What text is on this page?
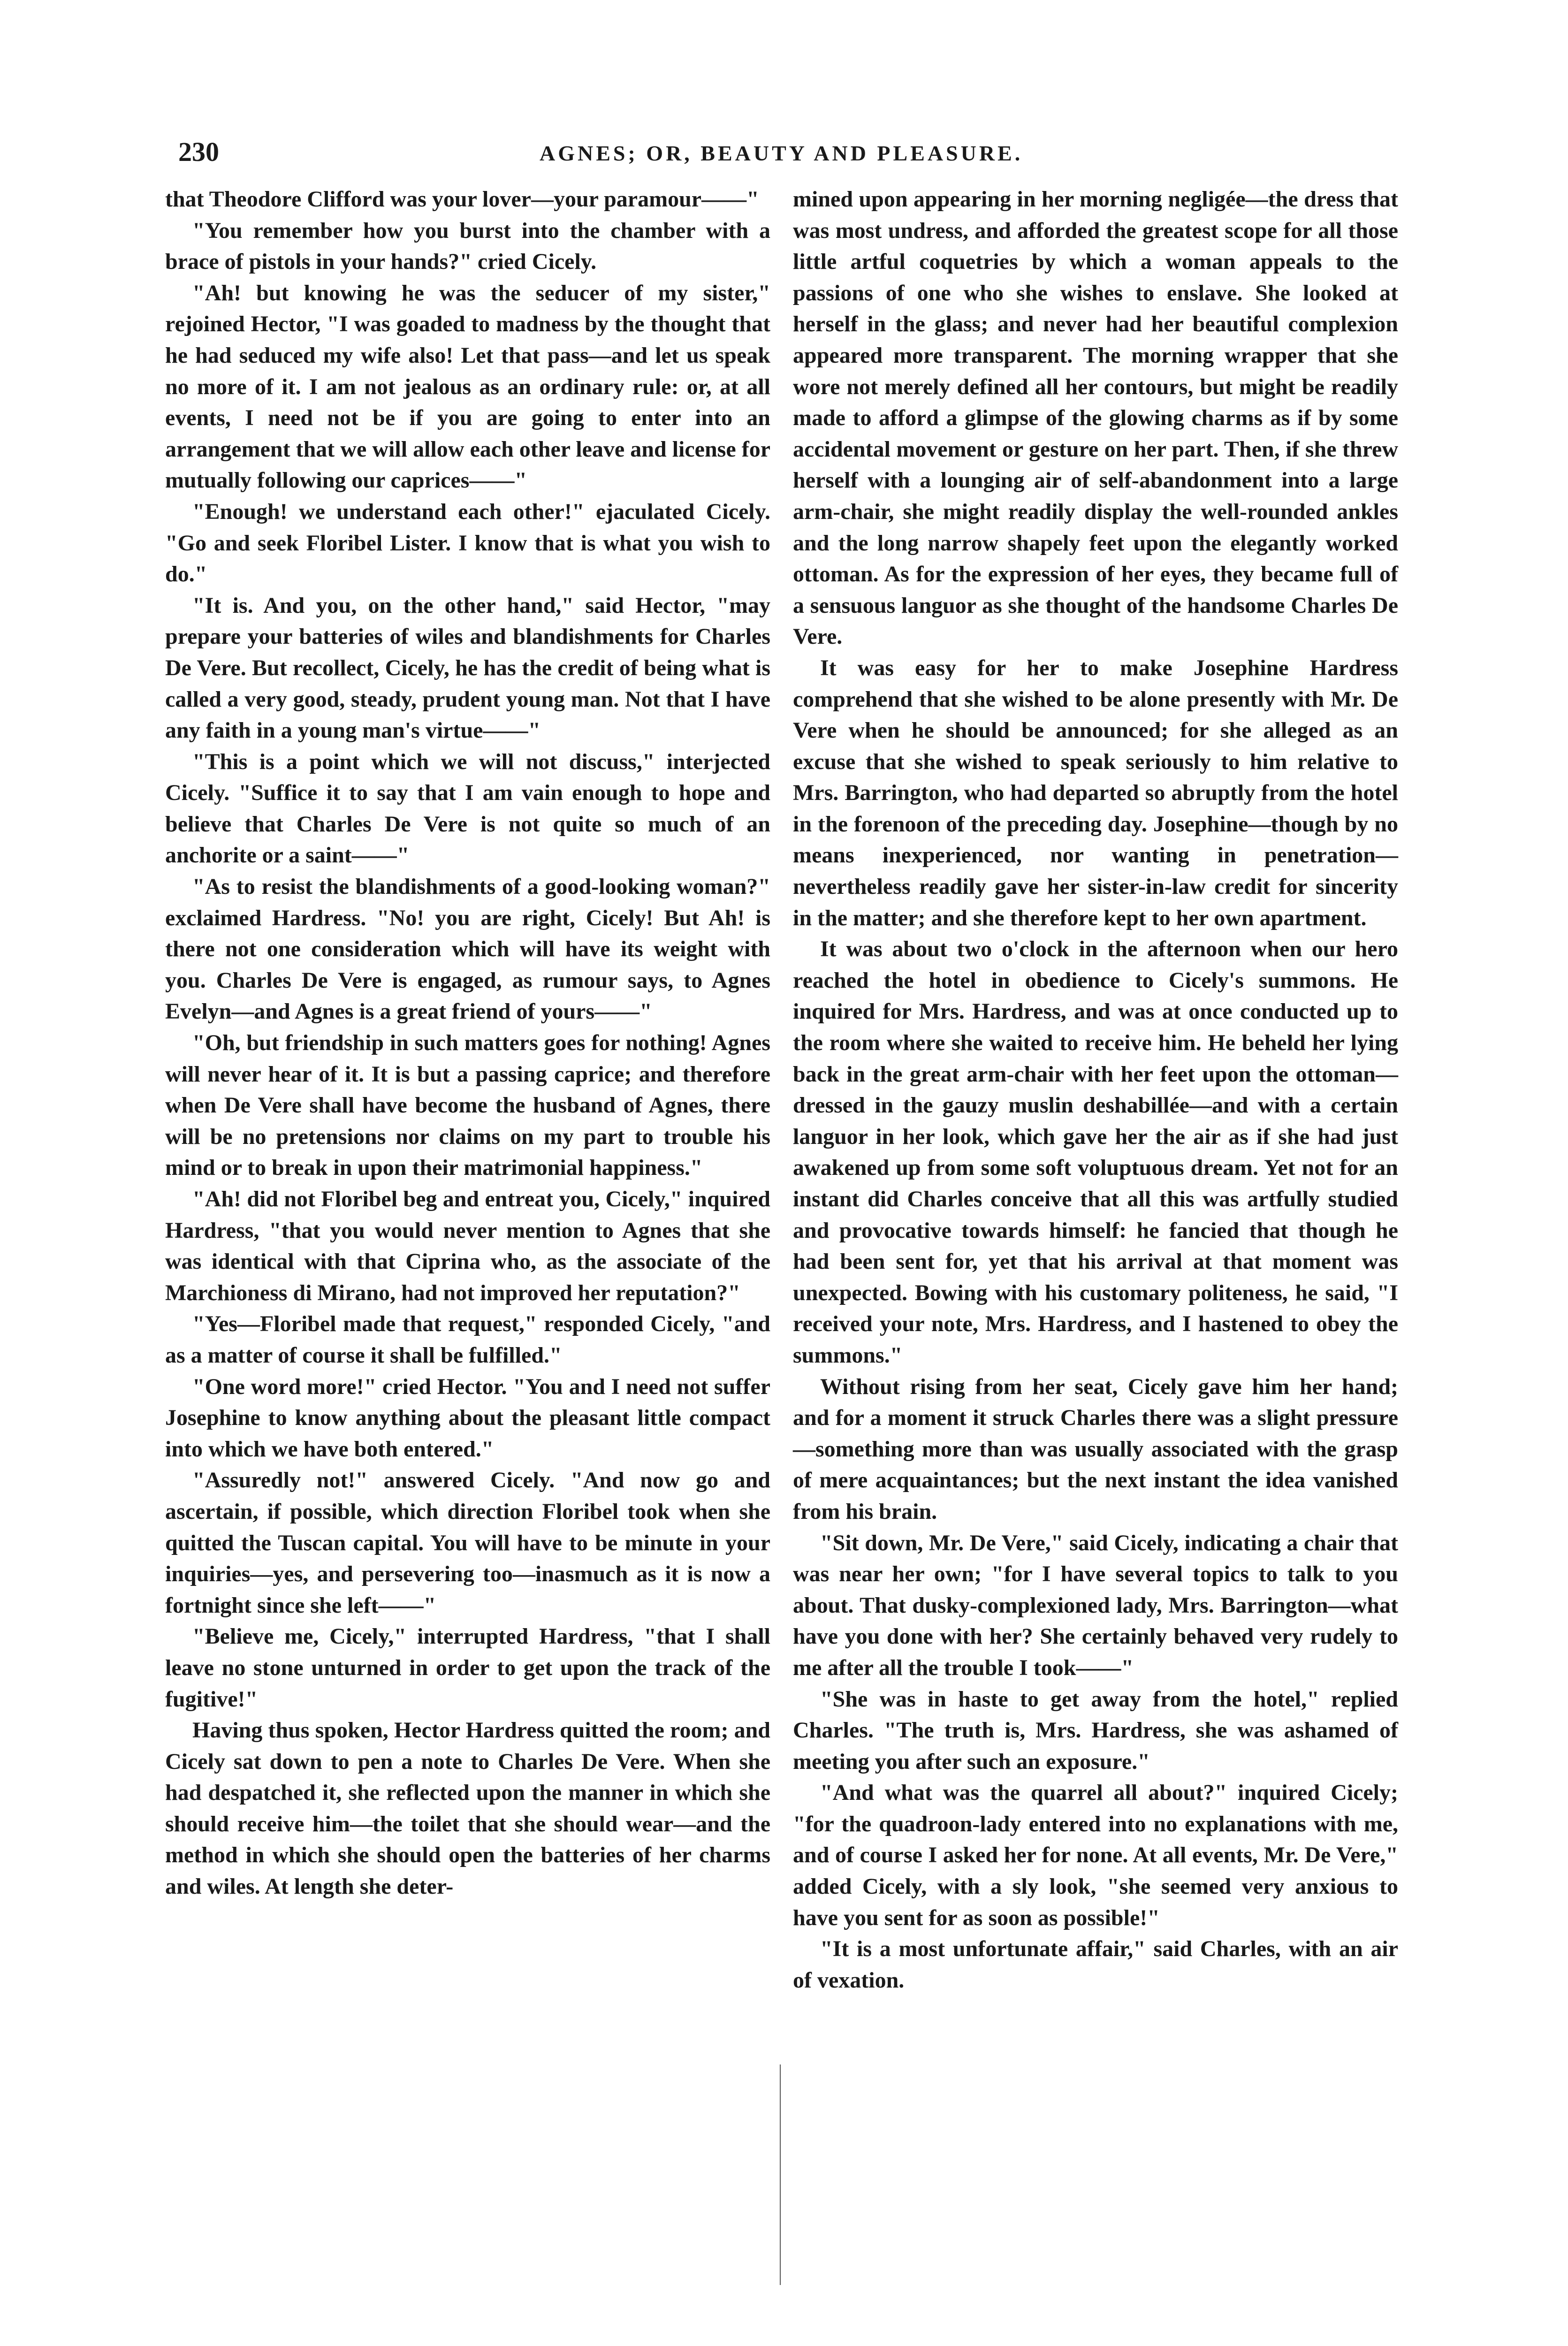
230	AGNES; OR, BEAUTY AND PLEASURE.

that Theodore Clifford was your lover—your paramour——"

"You remember how you burst into the chamber with a brace of pistols in your hands?" cried Cicely.

"Ah! but knowing he was the seducer of my sister," rejoined Hector, "I was goaded to madness by the thought that he had seduced my wife also! Let that pass—and let us speak no more of it. I am not jealous as an ordinary rule: or, at all events, I need not be if you are going to enter into an arrangement that we will allow each other leave and license for mutually following our caprices——"

"Enough! we understand each other!" ejaculated Cicely. "Go and seek Floribel Lister. I know that is what you wish to do."

"It is. And you, on the other hand," said Hector, "may prepare your batteries of wiles and blandishments for Charles De Vere. But recollect, Cicely, he has the credit of being what is called a very good, steady, prudent young man. Not that I have any faith in a young man's virtue——"

"This is a point which we will not discuss," interjected Cicely. "Suffice it to say that I am vain enough to hope and believe that Charles De Vere is not quite so much of an anchorite or a saint——"

"As to resist the blandishments of a good-looking woman?" exclaimed Hardress. "No! you are right, Cicely! But Ah! is there not one consideration which will have its weight with you. Charles De Vere is engaged, as rumour says, to Agnes Evelyn—and Agnes is a great friend of yours——"

"Oh, but friendship in such matters goes for nothing! Agnes will never hear of it. It is but a passing caprice; and therefore when De Vere shall have become the husband of Agnes, there will be no pretensions nor claims on my part to trouble his mind or to break in upon their matrimonial happiness."

"Ah! did not Floribel beg and entreat you, Cicely," inquired Hardress, "that you would never mention to Agnes that she was identical with that Ciprina who, as the associate of the Marchioness di Mirano, had not improved her reputation?"

"Yes—Floribel made that request," responded Cicely, "and as a matter of course it shall be fulfilled."

"One word more!" cried Hector. "You and I need not suffer Josephine to know anything about the pleasant little compact into which we have both entered."

"Assuredly not!" answered Cicely. "And now go and ascertain, if possible, which direction Floribel took when she quitted the Tuscan capital. You will have to be minute in your inquiries—yes, and persevering too—inasmuch as it is now a fortnight since she left——"

"Believe me, Cicely," interrupted Hardress, "that I shall leave no stone unturned in order to get upon the track of the fugitive!"

Having thus spoken, Hector Hardress quitted the room; and Cicely sat down to pen a note to Charles De Vere. When she had despatched it, she reflected upon the manner in which she should receive him—the toilet that she should wear—and the method in which she should open the batteries of her charms and wiles. At length she deter-

mined upon appearing in her morning negligée—the dress that was most undress, and afforded the greatest scope for all those little artful coquetries by which a woman appeals to the passions of one who she wishes to enslave. She looked at herself in the glass; and never had her beautiful complexion appeared more transparent. The morning wrapper that she wore not merely defined all her contours, but might be readily made to afford a glimpse of the glowing charms as if by some accidental movement or gesture on her part. Then, if she threw herself with a lounging air of self-abandonment into a large arm-chair, she might readily display the well-rounded ankles and the long narrow shapely feet upon the elegantly worked ottoman. As for the expression of her eyes, they became full of a sensuous languor as she thought of the handsome Charles De Vere.

It was easy for her to make Josephine Hardress comprehend that she wished to be alone presently with Mr. De Vere when he should be announced; for she alleged as an excuse that she wished to speak seriously to him relative to Mrs. Barrington, who had departed so abruptly from the hotel in the forenoon of the preceding day. Josephine—though by no means inexperienced, nor wanting in penetration—nevertheless readily gave her sister-in-law credit for sincerity in the matter; and she therefore kept to her own apartment.

It was about two o'clock in the afternoon when our hero reached the hotel in obedience to Cicely's summons. He inquired for Mrs. Hardress, and was at once conducted up to the room where she waited to receive him. He beheld her lying back in the great arm-chair with her feet upon the ottoman—dressed in the gauzy muslin deshabillée—and with a certain languor in her look, which gave her the air as if she had just awakened up from some soft voluptuous dream. Yet not for an instant did Charles conceive that all this was artfully studied and provocative towards himself: he fancied that though he had been sent for, yet that his arrival at that moment was unexpected. Bowing with his customary politeness, he said, "I received your note, Mrs. Hardress, and I hastened to obey the summons."

Without rising from her seat, Cicely gave him her hand; and for a moment it struck Charles there was a slight pressure—something more than was usually associated with the grasp of mere acquaintances; but the next instant the idea vanished from his brain.

"Sit down, Mr. De Vere," said Cicely, indicating a chair that was near her own; "for I have several topics to talk to you about. That dusky-complexioned lady, Mrs. Barrington—what have you done with her? She certainly behaved very rudely to me after all the trouble I took——"

"She was in haste to get away from the hotel," replied Charles. "The truth is, Mrs. Hardress, she was ashamed of meeting you after such an exposure."

"And what was the quarrel all about?" inquired Cicely; "for the quadroon-lady entered into no explanations with me, and of course I asked her for none. At all events, Mr. De Vere," added Cicely, with a sly look, "she seemed very anxious to have you sent for as soon as possible!"

"It is a most unfortunate affair," said Charles, with an air of vexation.
